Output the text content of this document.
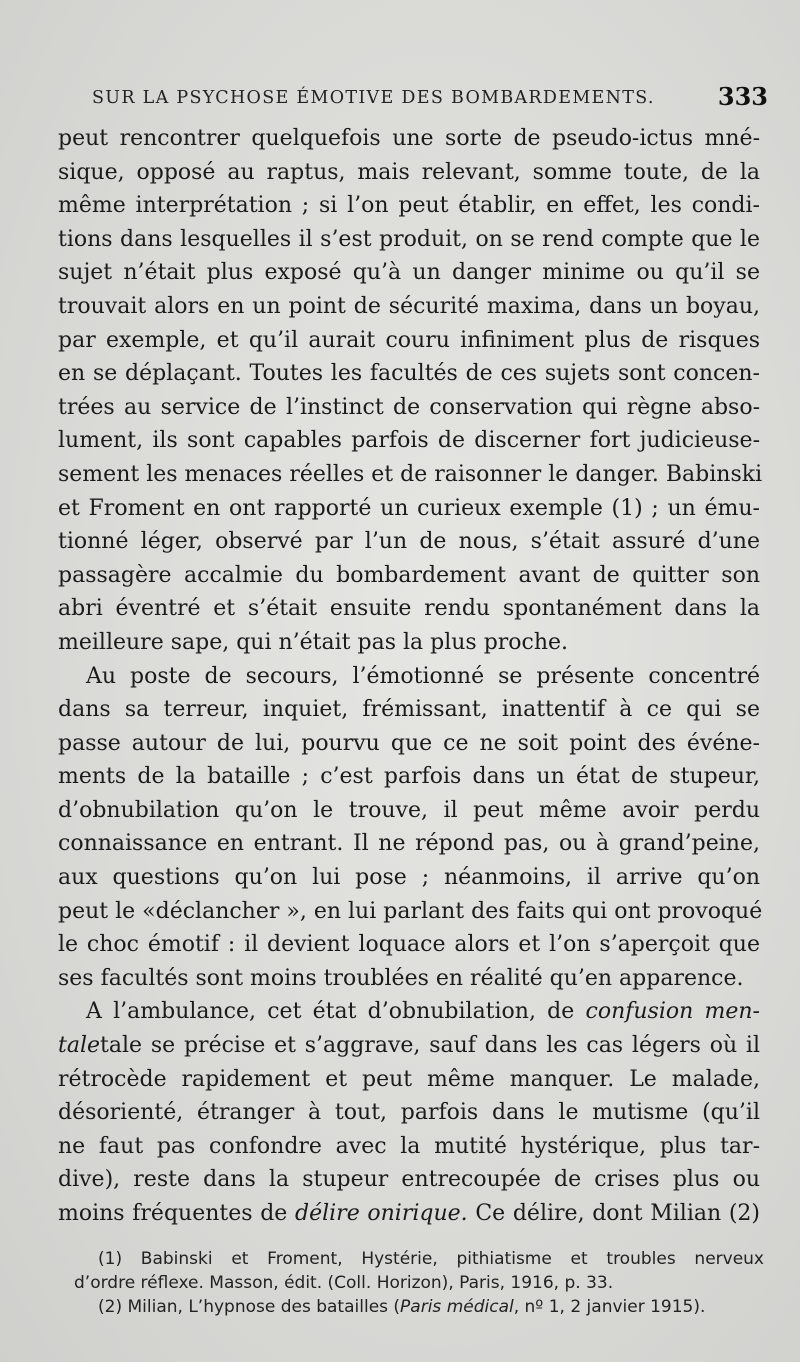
SUR LA PSYCHOSE ÉMOTIVE DES BOMBARDEMENTS.	333
peut rencontrer quelquefois une sorte de pseudo-ictus mné-
sique, opposé au raptus, mais relevant, somme toute, de la
même interprétation ; si l’on peut établir, en effet, les condi-
tions dans lesquelles il s’est produit, on se rend compte que le
sujet n’était plus exposé qu’à un danger minime ou qu’il se
trouvait alors en un point de sécurité maxima, dans un boyau,
par exemple, et qu’il aurait couru infiniment plus de risques
en se déplaçant. Toutes les facultés de ces sujets sont concen-
trées au service de l’instinct de conservation qui règne abso-
lument, ils sont capables parfois de discerner fort judicieuse-
sement les menaces réelles et de raisonner le danger. Babinski
et Froment en ont rapporté un curieux exemple (1) ; un ému-
tionné léger, observé par l’un de nous, s’était assuré d’une
passagère accalmie du bombardement avant de quitter son
abri éventré et s’était ensuite rendu spontanément dans la
meilleure sape, qui n’était pas la plus proche.
Au poste de secours, l’émotionné se présente concentré
dans sa terreur, inquiet, frémissant, inattentif à ce qui se
passe autour de lui, pourvu que ce ne soit point des événe-
ments de la bataille ; c’est parfois dans un état de stupeur,
d’obnubilation qu’on le trouve, il peut même avoir perdu
connaissance en entrant. Il ne répond pas, ou à grand’peine,
aux questions qu’on lui pose ; néanmoins, il arrive qu’on
peut le «déclancher », en lui parlant des faits qui ont provoqué
le choc émotif : il devient loquace alors et l’on s’aperçoit que
ses facultés sont moins troublées en réalité qu’en apparence.
A l’ambulance, cet état d’obnubilation, de confusion men-
taletale se précise et s’aggrave, sauf dans les cas légers où il
rétrocède rapidement et peut même manquer. Le malade,
désorienté, étranger à tout, parfois dans le mutisme (qu’il
ne faut pas confondre avec la mutité hystérique, plus tar-
dive), reste dans la stupeur entrecoupée de crises plus ou
moins fréquentes de délire onirique. Ce délire, dont Milian (2)
(1) Babinski et Froment, Hystérie, pithiatisme et troubles nerveux
d’ordre réflexe. Masson, édit. (Coll. Horizon), Paris, 1916, p. 33.
(2) Milian, L’hypnose des batailles (Paris médical, nº 1, 2 janvier 1915).
